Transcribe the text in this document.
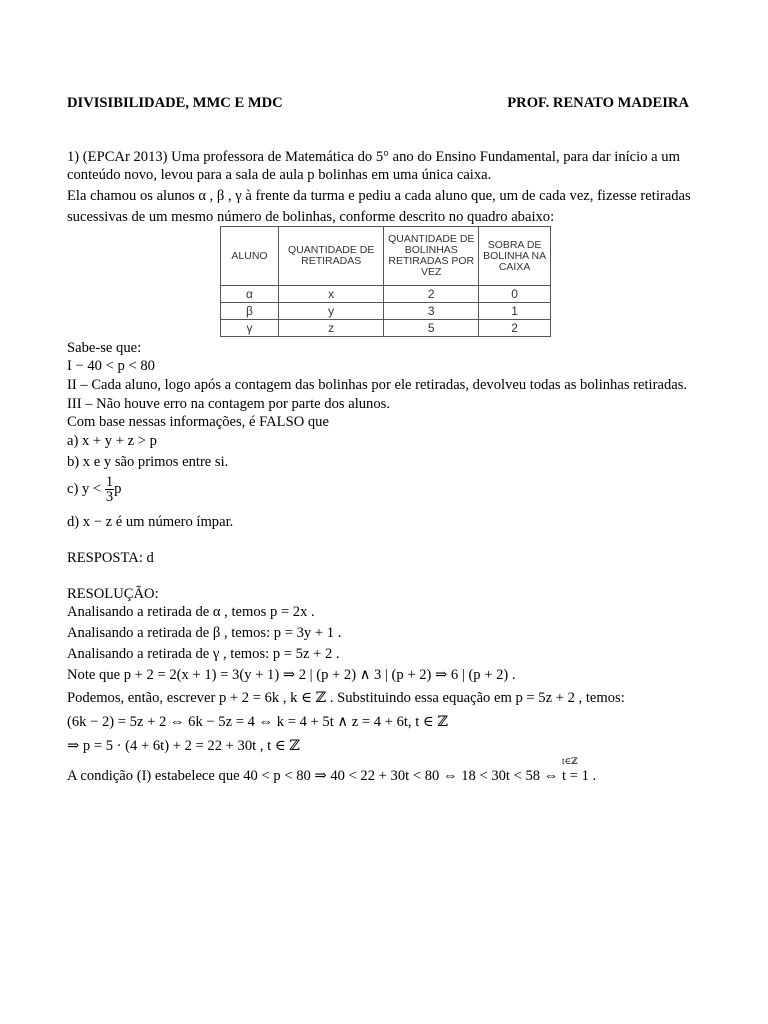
DIVISIBILIDADE, MMC E MDC	PROF. RENATO MADEIRA
1) (EPCAr 2013) Uma professora de Matemática do 5° ano do Ensino Fundamental, para dar início a um
conteúdo novo, levou para a sala de aula p bolinhas em uma única caixa.
Ela chamou os alunos α , β , γ à frente da turma e pediu a cada aluno que, um de cada vez, fizesse retiradas
sucessivas de um mesmo número de bolinhas, conforme descrito no quadro abaixo:
ALUNO	QUANTIDADE DE RETIRADAS	QUANTIDADE DE BOLINHAS RETIRADAS POR VEZ	SOBRA DE BOLINHA NA CAIXA
α	x	2	0
β	y	3	1
γ	z	5	2
Sabe-se que:
I − 40 < p < 80
II – Cada aluno, logo após a contagem das bolinhas por ele retiradas, devolveu todas as bolinhas retiradas.
III – Não houve erro na contagem por parte dos alunos.
Com base nessas informações, é FALSO que
a) x + y + z > p
b) x e y são primos entre si.
c) $y < \frac{1}{3}$ p
d) x − z é um número ímpar.
RESPOSTA: d
RESOLUÇÃO:
Analisando a retirada de α , temos p = 2x .
Analisando a retirada de β , temos: p = 3y + 1 .
Analisando a retirada de γ , temos: p = 5z + 2 .
Note que p + 2 = 2(x + 1) = 3(y + 1) ⇒ 2 | (p + 2) ∧ 3 | (p + 2) ⇒ 6 | (p + 2) .
Podemos, então, escrever p + 2 = 6k , k ∈ ℤ . Substituindo essa equação em p = 5z + 2 , temos:
(6k − 2) = 5z + 2 ⇔ 6k − 5z = 4 ⇔ k = 4 + 5t ∧ z = 4 + 6t, t ∈ ℤ
⇒ p = 5 · (4 + 6t) + 2 = 22 + 30t , t ∈ ℤ
t∈ℤ
A condição (I) estabelece que 40 < p < 80 ⇒ 40 < 22 + 30t < 80 ⇔ 18 < 30t < 58 ⇔ t = 1 .
